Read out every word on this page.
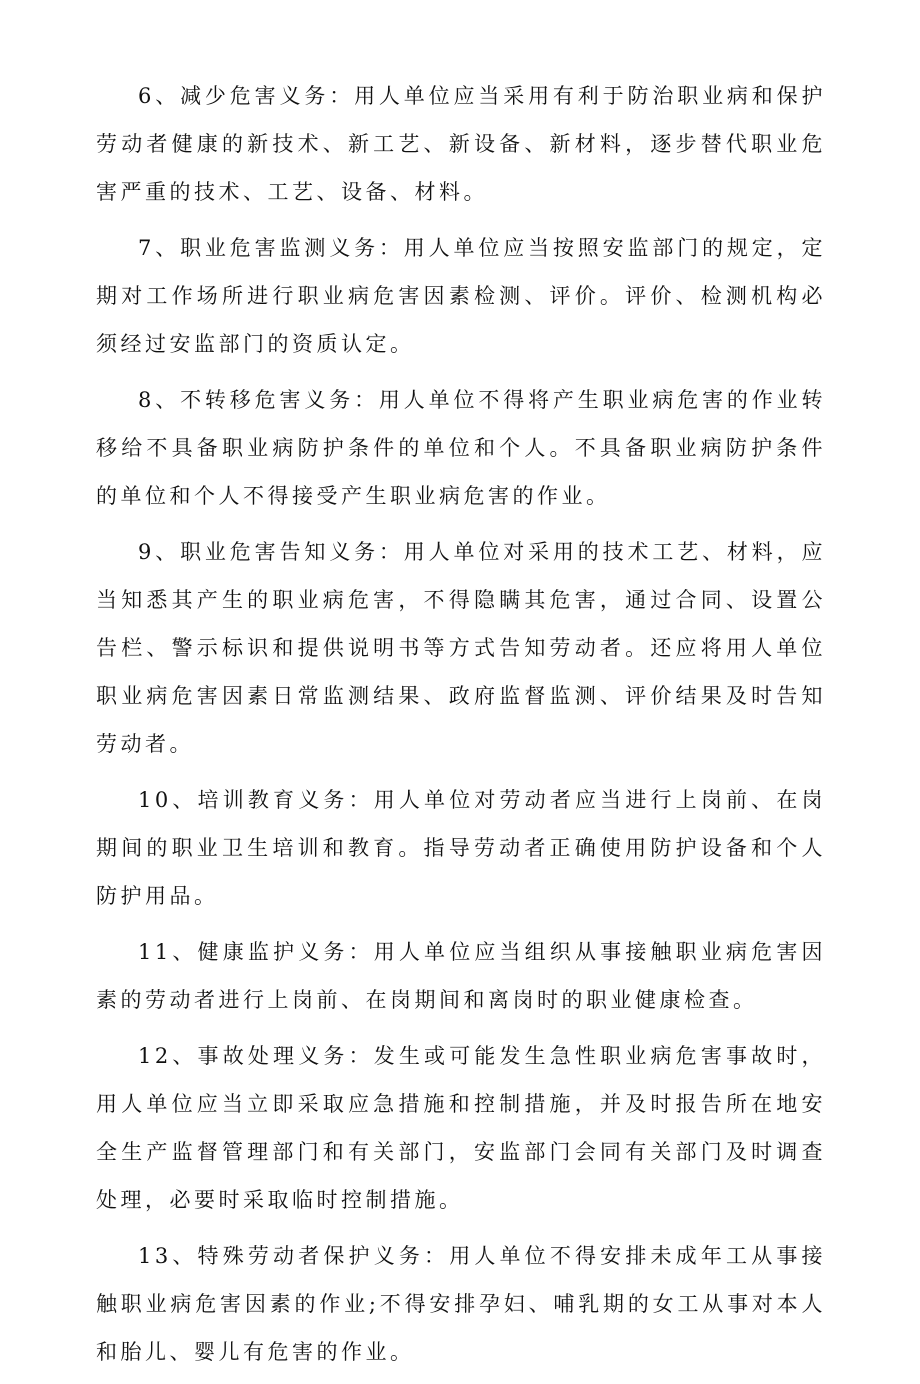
6、减少危害义务：用人单位应当采用有利于防治职业病和保护劳动者健康的新技术、新工艺、新设备、新材料，逐步替代职业危害严重的技术、工艺、设备、材料。

7、职业危害监测义务：用人单位应当按照安监部门的规定，定期对工作场所进行职业病危害因素检测、评价。评价、检测机构必须经过安监部门的资质认定。

8、不转移危害义务：用人单位不得将产生职业病危害的作业转移给不具备职业病防护条件的单位和个人。不具备职业病防护条件的单位和个人不得接受产生职业病危害的作业。

9、职业危害告知义务：用人单位对采用的技术工艺、材料，应当知悉其产生的职业病危害，不得隐瞒其危害，通过合同、设置公告栏、警示标识和提供说明书等方式告知劳动者。还应将用人单位职业病危害因素日常监测结果、政府监督监测、评价结果及时告知劳动者。

10、培训教育义务：用人单位对劳动者应当进行上岗前、在岗期间的职业卫生培训和教育。指导劳动者正确使用防护设备和个人防护用品。

11、健康监护义务：用人单位应当组织从事接触职业病危害因素的劳动者进行上岗前、在岗期间和离岗时的职业健康检查。

12、事故处理义务：发生或可能发生急性职业病危害事故时，用人单位应当立即采取应急措施和控制措施，并及时报告所在地安全生产监督管理部门和有关部门，安监部门会同有关部门及时调查处理，必要时采取临时控制措施。

13、特殊劳动者保护义务：用人单位不得安排未成年工从事接触职业病危害因素的作业;不得安排孕妇、哺乳期的女工从事对本人和胎儿、婴儿有危害的作业。
